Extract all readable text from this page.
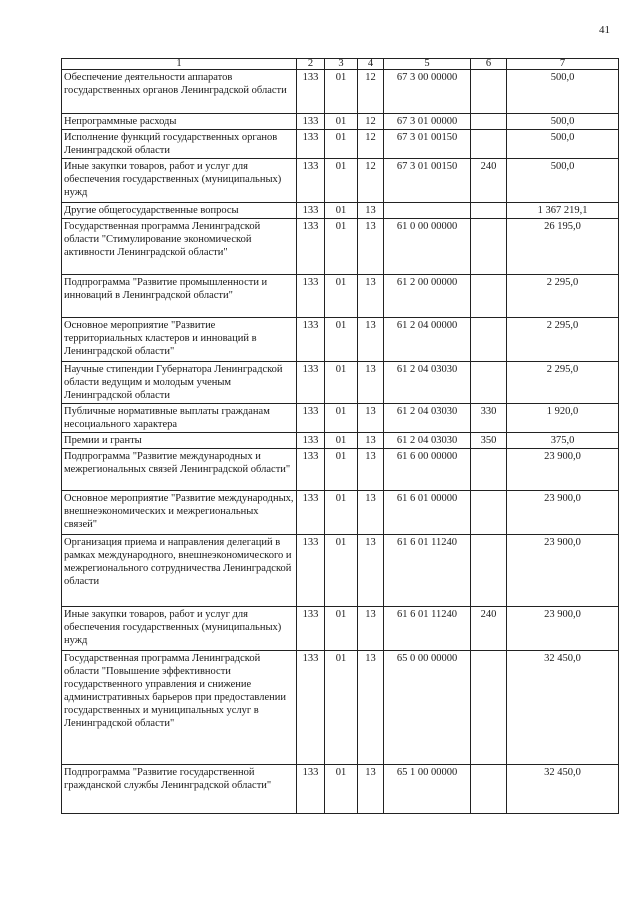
41
1	2	3	4	5	6	7
Обеспечение деятельности аппаратов государственных органов Ленинградской области	133	01	12	67 3 00 00000		500,0
Непрограммные расходы	133	01	12	67 3 01 00000		500,0
Исполнение функций государственных органов Ленинградской области	133	01	12	67 3 01 00150		500,0
Иные закупки товаров, работ и услуг для обеспечения государственных (муниципальных) нужд	133	01	12	67 3 01 00150	240	500,0
Другие общегосударственные вопросы	133	01	13			1 367 219,1
Государственная программа Ленинградской области "Стимулирование экономической активности Ленинградской области"	133	01	13	61 0 00 00000		26 195,0
Подпрограмма "Развитие промышленности и инноваций в Ленинградской области"	133	01	13	61 2 00 00000		2 295,0
Основное мероприятие "Развитие территориальных кластеров и инноваций в Ленинградской области"	133	01	13	61 2 04 00000		2 295,0
Научные стипендии Губернатора Ленинградской области ведущим и молодым ученым Ленинградской области	133	01	13	61 2 04 03030		2 295,0
Публичные нормативные выплаты гражданам несоциального характера	133	01	13	61 2 04 03030	330	1 920,0
Премии и гранты	133	01	13	61 2 04 03030	350	375,0
Подпрограмма "Развитие международных и межрегиональных связей Ленинградской области"	133	01	13	61 6 00 00000		23 900,0
Основное мероприятие "Развитие международных, внешнеэкономических и межрегиональных связей"	133	01	13	61 6 01 00000		23 900,0
Организация приема и направления делегаций в рамках международного, внешнеэкономического и межрегионального сотрудничества Ленинградской области	133	01	13	61 6 01 11240		23 900,0
Иные закупки товаров, работ и услуг для обеспечения государственных (муниципальных) нужд	133	01	13	61 6 01 11240	240	23 900,0
Государственная программа Ленинградской области "Повышение эффективности государственного управления и снижение административных барьеров при предоставлении государственных и муниципальных услуг в Ленинградской области"	133	01	13	65 0 00 00000		32 450,0
Подпрограмма "Развитие государственной гражданской службы Ленинградской области"	133	01	13	65 1 00 00000		32 450,0
